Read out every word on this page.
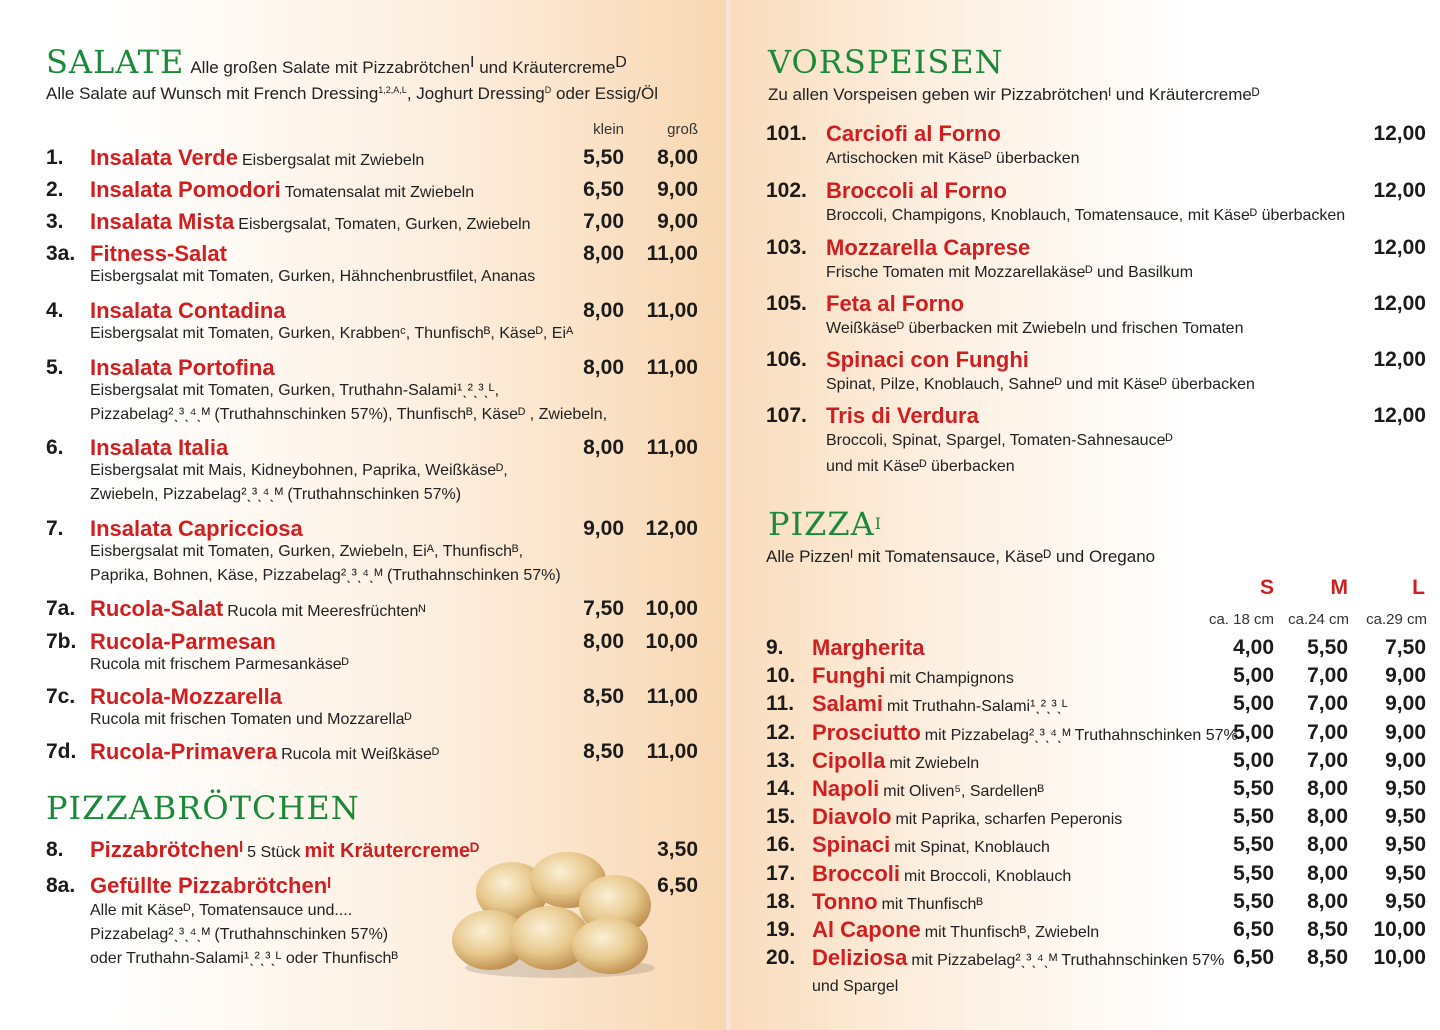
SALATE Alle großen Salate mit Pizzabrötchen$^I$ und Kräutercreme$^D$
Alle Salate auf Wunsch mit French Dressing$^{1,2,A,L}$, Joghurt Dressing$^D$ oder Essig/Öl
klein	groß
1. Insalata Verde Eisbergsalat mit Zwiebeln	5,50	8,00
2. Insalata Pomodori Tomatensalat mit Zwiebeln	6,50	9,00
3. Insalata Mista Eisbergsalat, Tomaten, Gurken, Zwiebeln	7,00	9,00
3a. Fitness-Salat
Eisbergsalat mit Tomaten, Gurken, Hähnchenbrustfilet, Ananas
8,00	11,00
4. Insalata Contadina
Eisbergsalat mit Tomaten, Gurken, Krabbenᶜ, Thunfischᴮ, Käseᴰ, Eiᴬ
8,00	11,00
5. Insalata Portofina
Eisbergsalat mit Tomaten, Gurken, Truthahn-Salami¹ˎ²ˎ³ˎᴸ,
Pizzabelag²ˎ³ˎ⁴ˎᴹ (Truthahnschinken 57%), Thunfischᴮ, Käseᴰ , Zwiebeln,
8,00	11,00
6. Insalata Italia
Eisbergsalat mit Mais, Kidneybohnen, Paprika, Weißkäseᴰ,
Zwiebeln, Pizzabelag²ˎ³ˎ⁴ˎᴹ (Truthahnschinken 57%)
8,00	11,00
7. Insalata Capricciosa
Eisbergsalat mit Tomaten, Gurken, Zwiebeln, Eiᴬ, Thunfischᴮ,
Paprika, Bohnen, Käse, Pizzabelag²ˎ³ˎ⁴ˎᴹ (Truthahnschinken 57%)
9,00	12,00
7a. Rucola-Salat Rucola mit Meeresfrüchtenᴺ	7,50	10,00
7b. Rucola-Parmesan
Rucola mit frischem Parmesankäseᴰ
8,00	10,00
7c. Rucola-Mozzarella
Rucola mit frischen Tomaten und Mozzarellaᴰ
8,50	11,00
7d. Rucola-Primavera Rucola mit Weißkäseᴰ	8,50	11,00
PIZZABRÖTCHEN
8. Pizzabrötchenᴵ 5 Stück mit Kräutercremeᴰ	3,50
8a. Gefüllte Pizzabrötchenᴵ
Alle mit Käseᴰ, Tomatensauce und....
Pizzabelag²ˎ³ˎ⁴ˎᴹ (Truthahnschinken 57%)
oder Truthahn-Salami¹ˎ²ˎ³ˎᴸ oder Thunfischᴮ
6,50
VORSPEISEN
Zu allen Vorspeisen geben wir Pizzabrötchenᴵ und Kräutercremeᴰ
101. Carciofi al Forno
Artischocken mit Käseᴰ überbacken
12,00
102. Broccoli al Forno
Broccoli, Champigons, Knoblauch, Tomatensauce, mit Käseᴰ überbacken
12,00
103. Mozzarella Caprese
Frische Tomaten mit Mozzarellakäseᴰ und Basilkum
12,00
105. Feta al Forno
Weißkäseᴰ überbacken mit Zwiebeln und frischen Tomaten
12,00
106. Spinaci con Funghi
Spinat, Pilze, Knoblauch, Sahneᴰ und mit Käseᴰ überbacken
12,00
107. Tris di Verdura
Broccoli, Spinat, Spargel, Tomaten-Sahnesauceᴰ
und mit Käseᴰ überbacken
12,00
$PIZZA^I$
Alle Pizzenᴵ mit Tomatensauce, Käseᴰ und Oregano
S	M	L
ca. 18 cm ca.24 cm	ca.29 cm
9. Margherita	4,00	5,50	7,50
10. Funghi mit Champignons	5,00	7,00	9,00
11. Salami mit Truthahn-Salami¹ˎ²ˎ³ˎᴸ	5,00	7,00	9,00
12. Prosciutto mit Pizzabelag²ˎ³ˎ⁴ˎᴹ Truthahnschinken 57%
5,00	7,00	9,00
13. Cipolla mit Zwiebeln	5,00	7,00	9,00
14. Napoli mit Oliven⁵, Sardellenᴮ	5,50	8,00	9,50
15. Diavolo mit Paprika, scharfen Peperonis	5,50	8,00	9,50
16. Spinaci mit Spinat, Knoblauch	5,50	8,00	9,50
17. Broccoli mit Broccoli, Knoblauch	5,50	8,00	9,50
18. Tonno mit Thunfischᴮ	5,50	8,00	9,50
19. Al Capone mit Thunfischᴮ, Zwiebeln	6,50	8,50	10,00
20. Deliziosa mit Pizzabelag²ˎ³ˎ⁴ˎᴹ Truthahnschinken 57% 6,50	8,50	10,00
und Spargel
